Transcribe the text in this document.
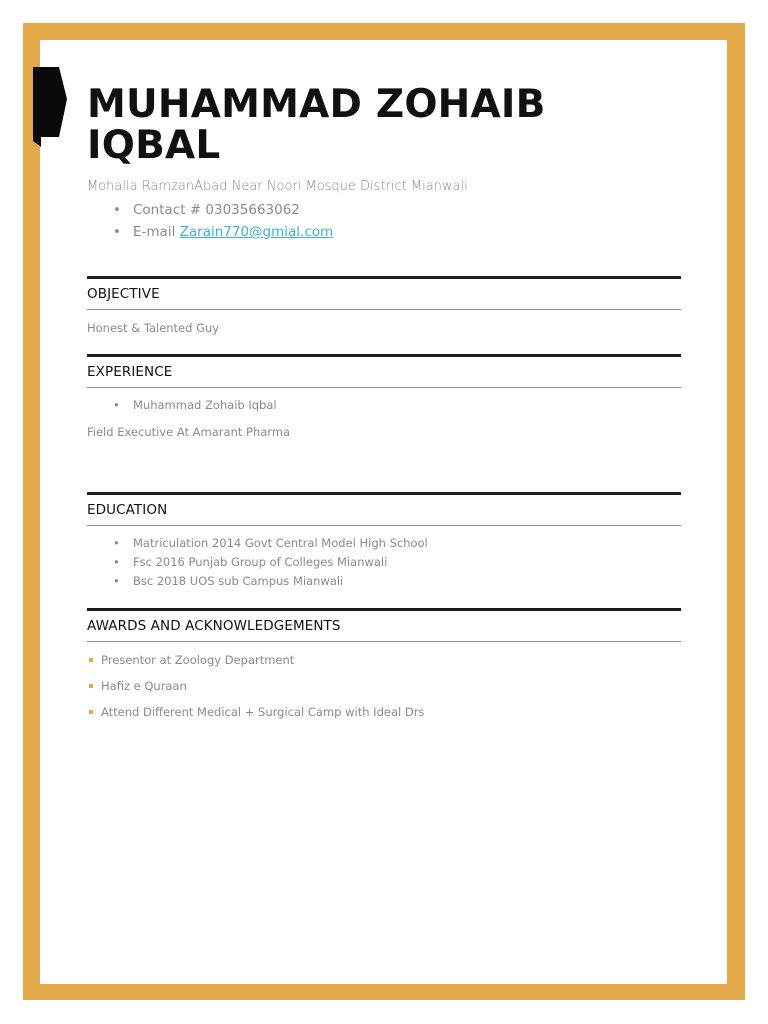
MUHAMMAD ZOHAIB IQBAL
Mohalla RamzanAbad Near Noori Mosque District Mianwali
• Contact # 03035663062
• E-mail Zarain770@gmial.com
OBJECTIVE
Honest & Talented Guy
EXPERIENCE
• Muhammad Zohaib Iqbal
Field Executive At Amarant Pharma
EDUCATION
• Matriculation 2014 Govt Central Model High School
• Fsc 2016 Punjab Group of Colleges Mianwali
• Bsc 2018 UOS sub Campus Mianwali
AWARDS AND ACKNOWLEDGEMENTS
Presentor at Zoology Department
Hafiz e Quraan
Attend Different Medical + Surgical Camp with Ideal Drs
